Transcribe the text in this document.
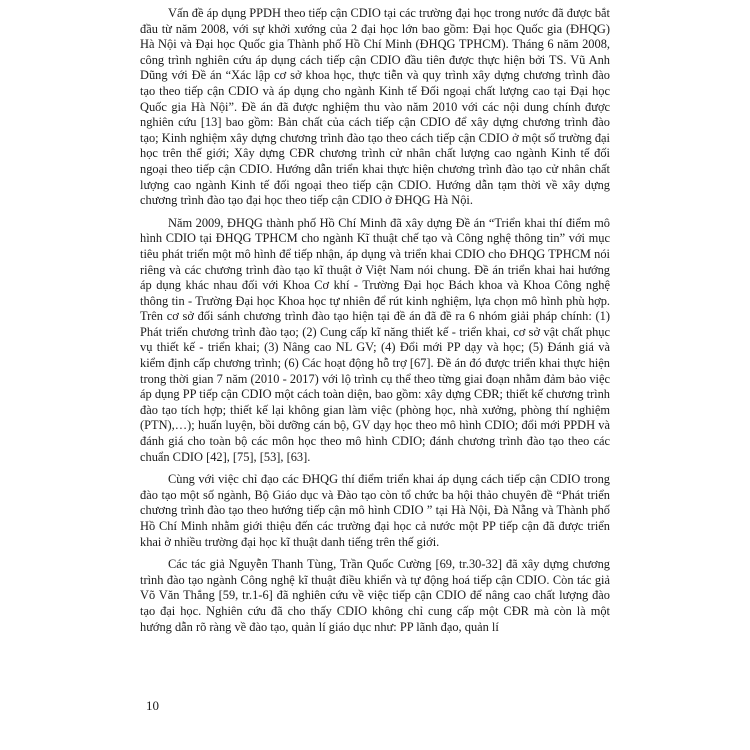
Vấn đề áp dụng PPDH theo tiếp cận CDIO tại các trường đại học trong nước đã được bắt đầu từ năm 2008, với sự khởi xướng của 2 đại học lớn bao gồm: Đại học Quốc gia (ĐHQG) Hà Nội và Đại học Quốc gia Thành phố Hồ Chí Minh (ĐHQG TPHCM). Tháng 6 năm 2008, công trình nghiên cứu áp dụng cách tiếp cận CDIO đầu tiên được thực hiện bởi TS. Vũ Anh Dũng với Đề án “Xác lập cơ sở khoa học, thực tiễn và quy trình xây dựng chương trình đào tạo theo tiếp cận CDIO và áp dụng cho ngành Kinh tế Đối ngoại chất lượng cao tại Đại học Quốc gia Hà Nội”. Đề án đã được nghiệm thu vào năm 2010 với các nội dung chính được nghiên cứu [13] bao gồm: Bản chất của cách tiếp cận CDIO để xây dựng chương trình đào tạo; Kinh nghiệm xây dựng chương trình đào tạo theo cách tiếp cận CDIO ở một số trường đại học trên thế giới; Xây dựng CĐR chương trình cử nhân chất lượng cao ngành Kinh tế đối ngoại theo tiếp cận CDIO. Hướng dẫn triển khai thực hiện chương trình đào tạo cử nhân chất lượng cao ngành Kinh tế đối ngoại theo tiếp cận CDIO. Hướng dẫn tạm thời về xây dựng chương trình đào tạo đại học theo tiếp cận CDIO ở ĐHQG Hà Nội.

Năm 2009, ĐHQG thành phố Hồ Chí Minh đã xây dựng Đề án “Triển khai thí điểm mô hình CDIO tại ĐHQG TPHCM cho ngành Kĩ thuật chế tạo và Công nghệ thông tin” với mục tiêu phát triển một mô hình để tiếp nhận, áp dụng và triển khai CDIO cho ĐHQG TPHCM nói riêng và các chương trình đào tạo kĩ thuật ở Việt Nam nói chung. Đề án triển khai hai hướng áp dụng khác nhau đối với Khoa Cơ khí - Trường Đại học Bách khoa và Khoa Công nghệ thông tin - Trường Đại học Khoa học tự nhiên để rút kinh nghiệm, lựa chọn mô hình phù hợp. Trên cơ sở đối sánh chương trình đào tạo hiện tại đề án đã đề ra 6 nhóm giải pháp chính: (1) Phát triển chương trình đào tạo; (2) Cung cấp kĩ năng thiết kế - triển khai, cơ sở vật chất phục vụ thiết kế - triển khai; (3) Nâng cao NL GV; (4) Đổi mới PP dạy và học; (5) Đánh giá và kiểm định cấp chương trình; (6) Các hoạt động hỗ trợ [67]. Đề án đó được triển khai thực hiện trong thời gian 7 năm (2010 - 2017) với lộ trình cụ thể theo từng giai đoạn nhằm đảm bảo việc áp dụng PP tiếp cận CDIO một cách toàn diện, bao gồm: xây dựng CĐR; thiết kế chương trình đào tạo tích hợp; thiết kế lại không gian làm việc (phòng học, nhà xưởng, phòng thí nghiệm (PTN),…); huấn luyện, bồi dưỡng cán bộ, GV dạy học theo mô hình CDIO; đổi mới PPDH và đánh giá cho toàn bộ các môn học theo mô hình CDIO; đánh chương trình đào tạo theo các chuẩn CDIO [42], [75], [53], [63].

Cùng với việc chỉ đạo các ĐHQG thí điểm triển khai áp dụng cách tiếp cận CDIO trong đào tạo một số ngành, Bộ Giáo dục và Đào tạo còn tổ chức ba hội thảo chuyên đề “Phát triển chương trình đào tạo theo hướng tiếp cận mô hình CDIO ” tại Hà Nội, Đà Nẵng và Thành phố Hồ Chí Minh nhằm giới thiệu đến các trường đại học cả nước một PP tiếp cận đã được triển khai ở nhiều trường đại học kĩ thuật danh tiếng trên thế giới.

Các tác giả Nguyễn Thanh Tùng, Trần Quốc Cường [69, tr.30-32] đã xây dựng chương trình đào tạo ngành Công nghệ kĩ thuật điều khiển và tự động hoá tiếp cận CDIO. Còn tác giả Võ Văn Thắng [59, tr.1-6] đã nghiên cứu về việc tiếp cận CDIO để nâng cao chất lượng đào tạo đại học. Nghiên cứu đã cho thấy CDIO không chỉ cung cấp một CĐR mà còn là một hướng dẫn rõ ràng về đào tạo, quản lí giáo dục như: PP lãnh đạo, quản lí

10
